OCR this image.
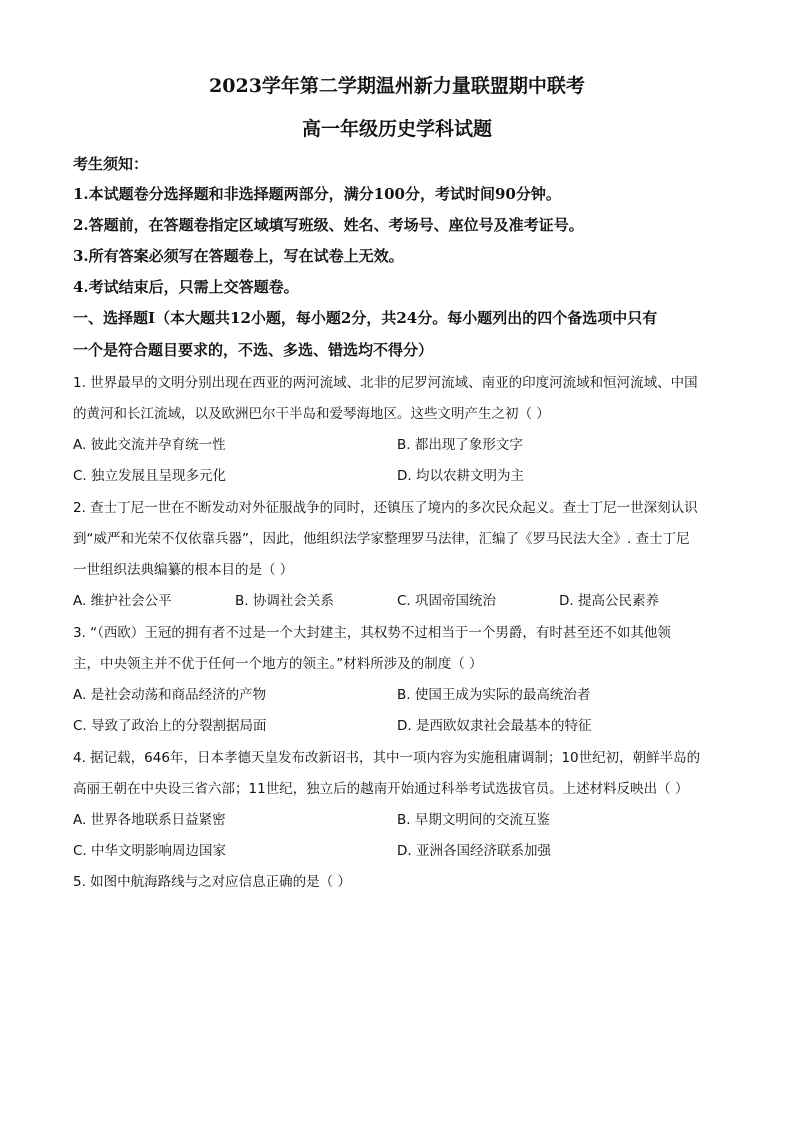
2023学年第二学期温州新力量联盟期中联考
高一年级历史学科试题
考生须知：
1.本试题卷分选择题和非选择题两部分，满分100分，考试时间90分钟。
2.答题前，在答题卷指定区域填写班级、姓名、考场号、座位号及准考证号。
3.所有答案必须写在答题卷上，写在试卷上无效。
4.考试结束后，只需上交答题卷。
一、选择题Ⅰ（本大题共12小题，每小题2分，共24分。每小题列出的四个备选项中只有
一个是符合题目要求的，不选、多选、错选均不得分）
1. 世界最早的文明分别出现在西亚的两河流域、北非的尼罗河流域、南亚的印度河流域和恒河流域、中国
的黄河和长江流域，以及欧洲巴尔干半岛和爱琴海地区。这些文明产生之初（ ）
A. 彼此交流并孕育统一性	B. 都出现了象形文字
C. 独立发展且呈现多元化	D. 均以农耕文明为主
2. 查士丁尼一世在不断发动对外征服战争的同时，还镇压了境内的多次民众起义。查士丁尼一世深刻认识
到“威严和光荣不仅依靠兵器”，因此，他组织法学家整理罗马法律，汇编了《罗马民法大全》. 查士丁尼
一世组织法典编纂的根本目的是（ ）
A. 维护社会公平	B. 协调社会关系	C. 巩固帝国统治	D. 提高公民素养
3. “（西欧）王冠的拥有者不过是一个大封建主，其权势不过相当于一个男爵，有时甚至还不如其他领
主，中央领主并不优于任何一个地方的领主。”材料所涉及的制度（ ）
A. 是社会动荡和商品经济的产物	B. 使国王成为实际的最高统治者
C. 导致了政治上的分裂割据局面	D. 是西欧奴隶社会最基本的特征
4. 据记载，646年，日本孝德天皇发布改新诏书，其中一项内容为实施租庸调制；10世纪初，朝鲜半岛的
高丽王朝在中央设三省六部；11世纪，独立后的越南开始通过科举考试选拔官员。上述材料反映出（ ）
A. 世界各地联系日益紧密	B. 早期文明间的交流互鉴
C. 中华文明影响周边国家	D. 亚洲各国经济联系加强
5. 如图中航海路线与之对应信息正确的是（ ）
